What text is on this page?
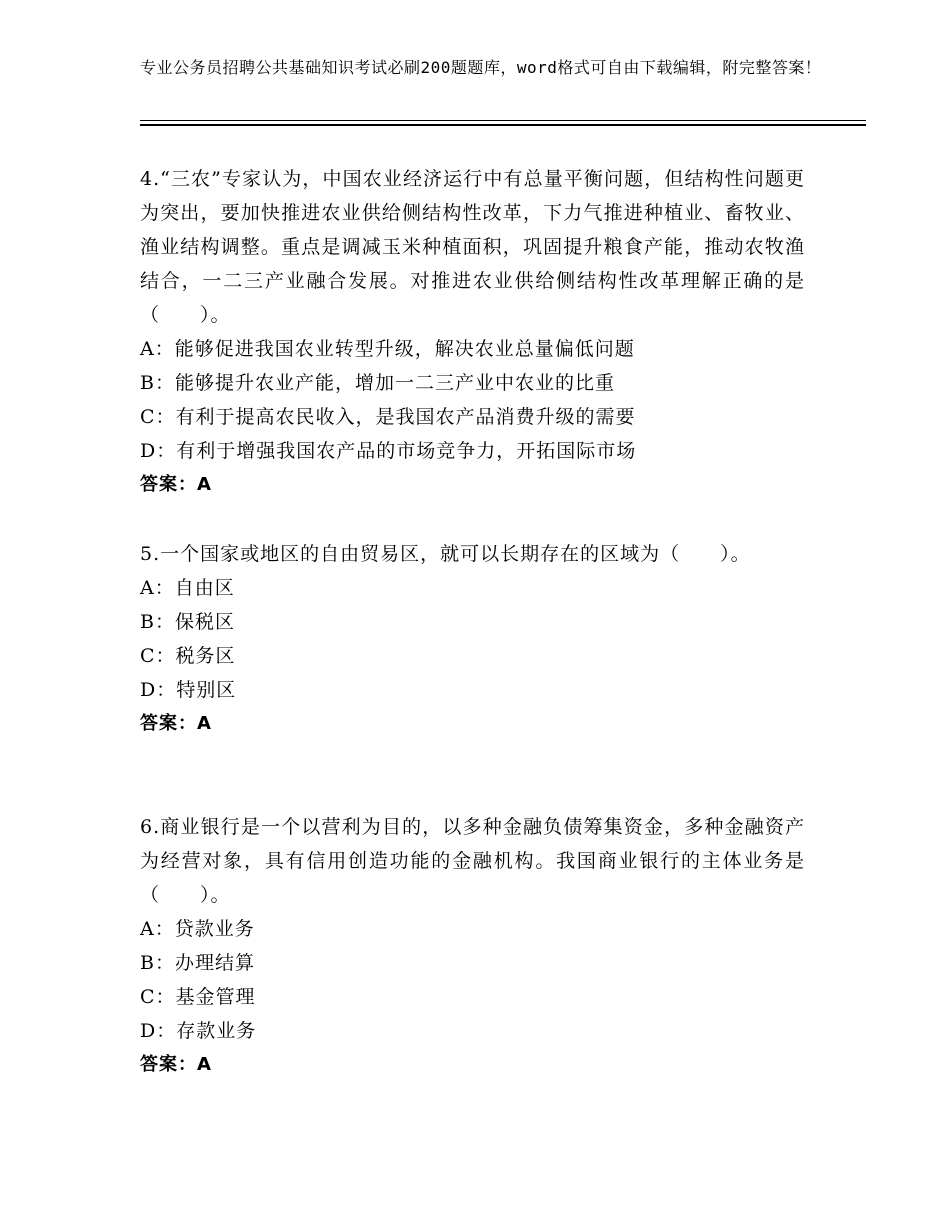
专业公务员招聘公共基础知识考试必刷200题题库，word格式可自由下载编辑，附完整答案！

4.“三农”专家认为，中国农业经济运行中有总量平衡问题，但结构性问题更为突出，要加快推进农业供给侧结构性改革，下力气推进种植业、畜牧业、渔业结构调整。重点是调减玉米种植面积，巩固提升粮食产能，推动农牧渔结合，一二三产业融合发展。对推进农业供给侧结构性改革理解正确的是（　　）。

A：能够促进我国农业转型升级，解决农业总量偏低问题

B：能够提升农业产能，增加一二三产业中农业的比重

C：有利于提高农民收入，是我国农产品消费升级的需要

D：有利于增强我国农产品的市场竞争力，开拓国际市场

答案：A

5.一个国家或地区的自由贸易区，就可以长期存在的区域为（　　）。

A：自由区

B：保税区

C：税务区

D：特别区

答案：A

6.商业银行是一个以营利为目的，以多种金融负债筹集资金，多种金融资产为经营对象，具有信用创造功能的金融机构。我国商业银行的主体业务是（　　）。

A：贷款业务

B：办理结算

C：基金管理

D：存款业务

答案：A
